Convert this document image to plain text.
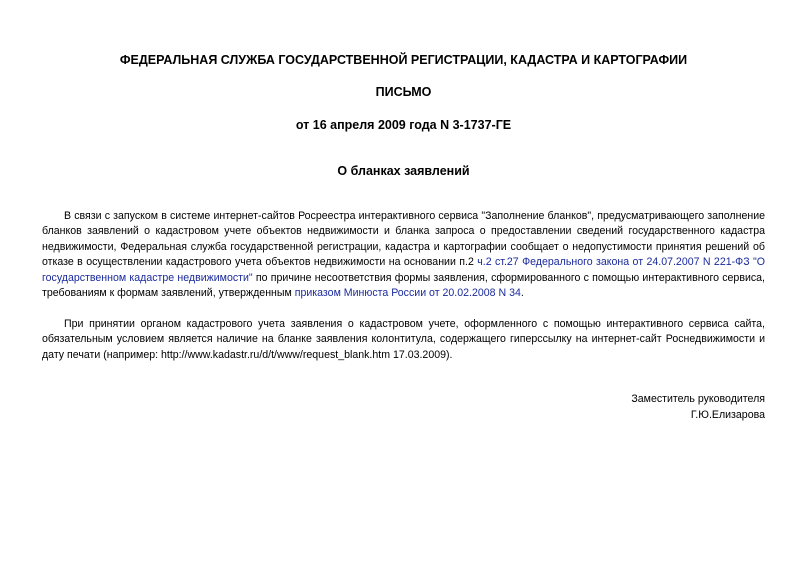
ФЕДЕРАЛЬНАЯ СЛУЖБА ГОСУДАРСТВЕННОЙ РЕГИСТРАЦИИ, КАДАСТРА И КАРТОГРАФИИ
ПИСЬМО
от 16 апреля 2009 года N 3-1737-ГЕ
О бланках заявлений
В связи с запуском в системе интернет-сайтов Росреестра интерактивного сервиса "Заполнение бланков", предусматривающего заполнение бланков заявлений о кадастровом учете объектов недвижимости и бланка запроса о предоставлении сведений государственного кадастра недвижимости, Федеральная служба государственной регистрации, кадастра и картографии сообщает о недопустимости принятия решений об отказе в осуществлении кадастрового учета объектов недвижимости на основании п.2 ч.2 ст.27 Федерального закона от 24.07.2007 N 221-ФЗ "О государственном кадастре недвижимости" по причине несоответствия формы заявления, сформированного с помощью интерактивного сервиса, требованиям к формам заявлений, утвержденным приказом Минюста России от 20.02.2008 N 34.
При принятии органом кадастрового учета заявления о кадастровом учете, оформленного с помощью интерактивного сервиса сайта, обязательным условием является наличие на бланке заявления колонтитула, содержащего гиперссылку на интернет-сайт Роснедвижимости и дату печати (например: http://www.kadastr.ru/d/t/www/request_blank.htm 17.03.2009).
Заместитель руководителя
Г.Ю.Елизарова
